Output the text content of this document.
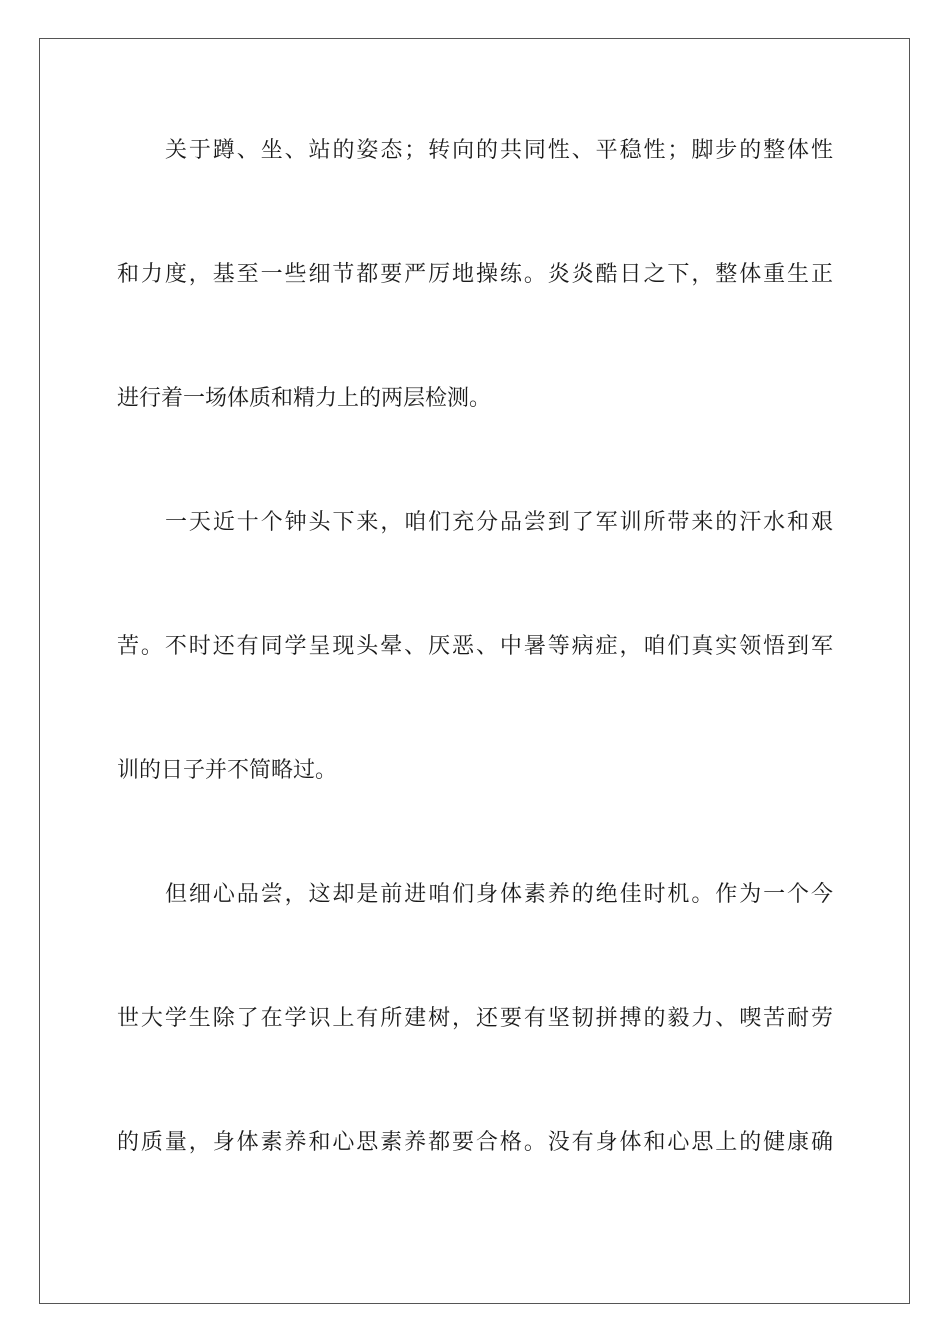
关于蹲、坐、站的姿态；转向的共同性、平稳性；脚步的整体性
和力度，基至一些细节都要严厉地操练。炎炎酷日之下，整体重生正
进行着一场体质和精力上的两层检测。
一天近十个钟头下来，咱们充分品尝到了军训所带来的汗水和艰
苦。不时还有同学呈现头晕、厌恶、中暑等病症，咱们真实领悟到军
训的日子并不简略过。
但细心品尝，这却是前进咱们身体素养的绝佳时机。作为一个今
世大学生除了在学识上有所建树，还要有坚韧拼搏的毅力、喫苦耐劳
的质量，身体素养和心思素养都要合格。没有身体和心思上的健康确
